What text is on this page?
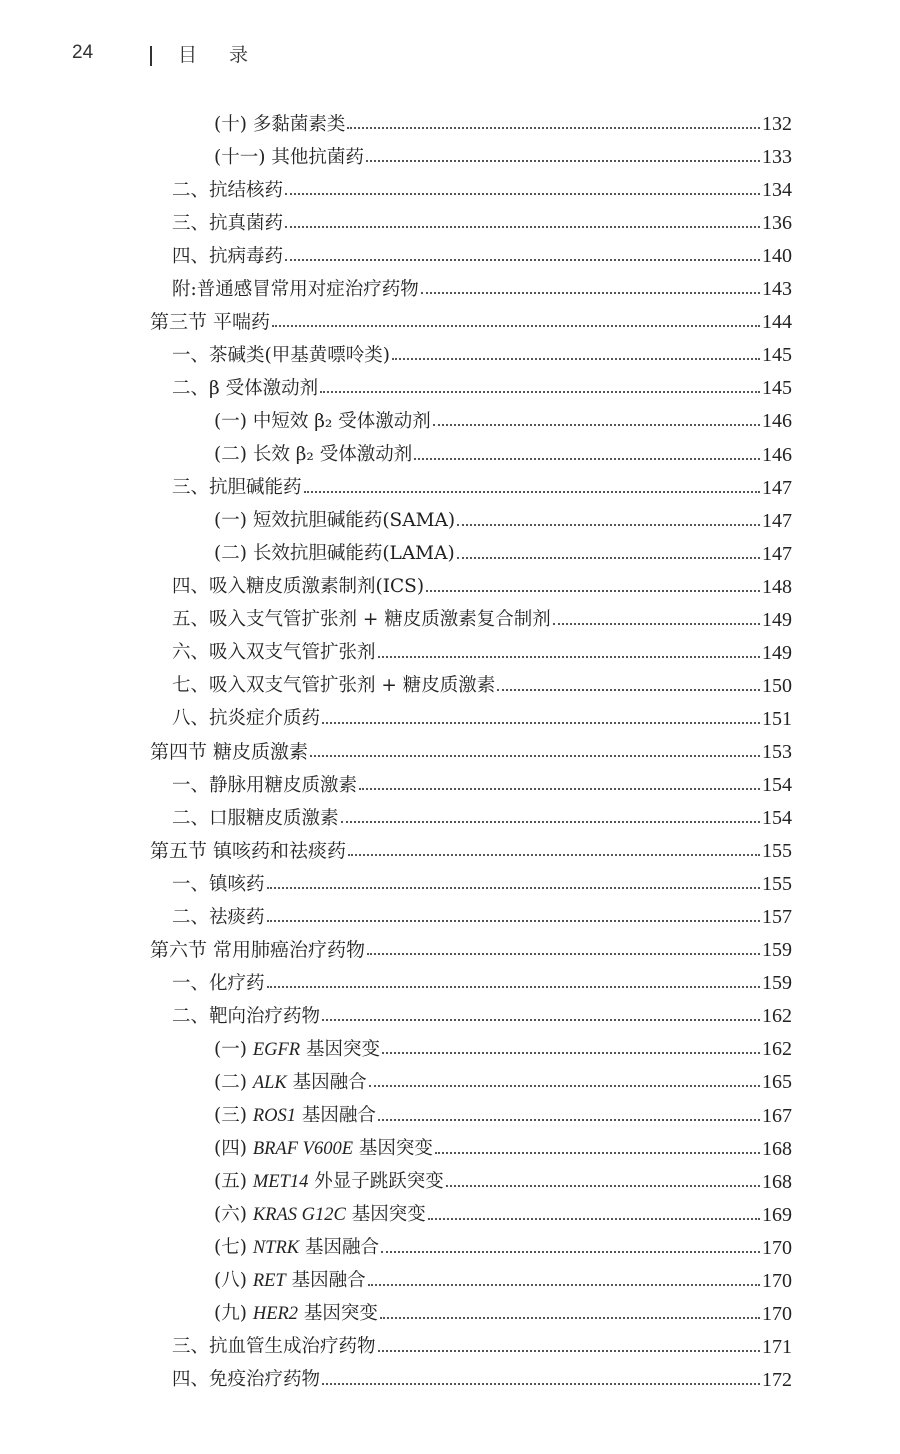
24	目录
(十) 多黏菌素类	132
(十一) 其他抗菌药	133
二、抗结核药	134
三、抗真菌药	136
四、抗病毒药	140
附:普通感冒常用对症治疗药物	143
第三节 平喘药	144
一、茶碱类(甲基黄嘌呤类)	145
二、β 受体激动剂	145
(一) 中短效 β₂ 受体激动剂	146
(二) 长效 β₂ 受体激动剂	146
三、抗胆碱能药	147
(一) 短效抗胆碱能药(SAMA)	147
(二) 长效抗胆碱能药(LAMA)	147
四、吸入糖皮质激素制剂(ICS)	148
五、吸入支气管扩张剂 + 糖皮质激素复合制剂	149
六、吸入双支气管扩张剂	149
七、吸入双支气管扩张剂 + 糖皮质激素	150
八、抗炎症介质药	151
第四节 糖皮质激素	153
一、静脉用糖皮质激素	154
二、口服糖皮质激素	154
第五节 镇咳药和祛痰药	155
一、镇咳药	155
二、祛痰药	157
第六节 常用肺癌治疗药物	159
一、化疗药	159
二、靶向治疗药物	162
(一) EGFR 基因突变	162
(二) ALK 基因融合	165
(三) ROS1 基因融合	167
(四) BRAF V600E 基因突变	168
(五) MET14 外显子跳跃突变	168
(六) KRAS G12C 基因突变	169
(七) NTRK 基因融合	170
(八) RET 基因融合	170
(九) HER2 基因突变	170
三、抗血管生成治疗药物	171
四、免疫治疗药物	172
